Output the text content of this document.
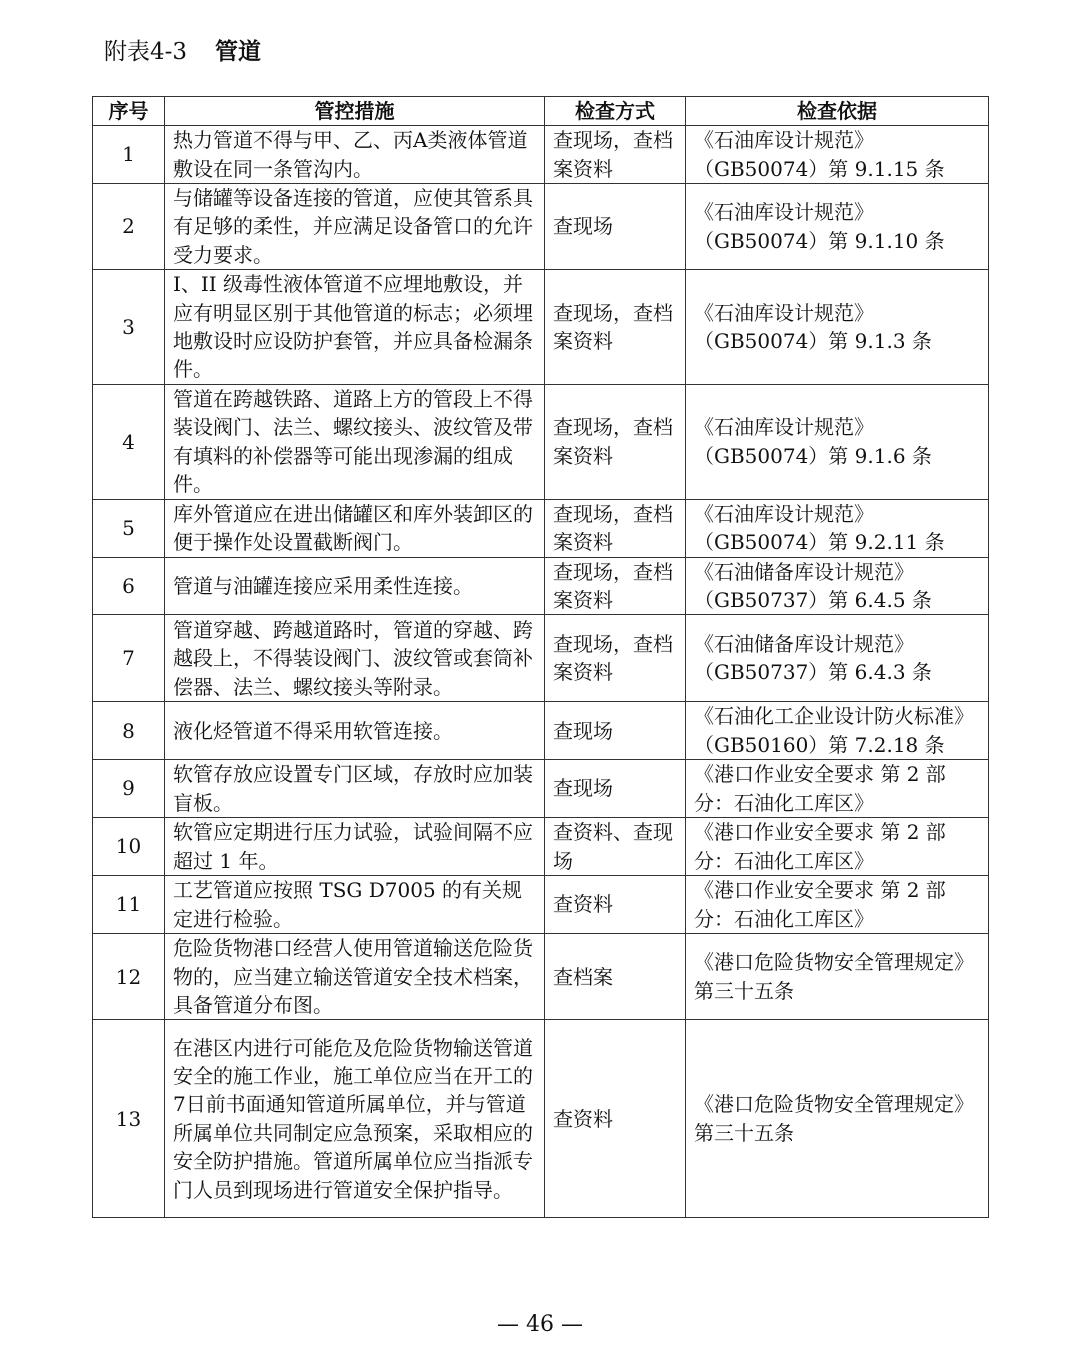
附表4-3 管道
序号	管控措施	检查方式	检查依据
1	热力管道不得与甲、乙、丙A类液体管道敷设在同一条管沟内。	查现场，查档案资料	《石油库设计规范》（GB50074）第 9.1.15 条
2	与储罐等设备连接的管道，应使其管系具有足够的柔性，并应满足设备管口的允许受力要求。	查现场	《石油库设计规范》（GB50074）第 9.1.10 条
3	I、II 级毒性液体管道不应埋地敷设，并应有明显区别于其他管道的标志；必须埋地敷设时应设防护套管，并应具备检漏条件。	查现场，查档案资料	《石油库设计规范》（GB50074）第 9.1.3 条
4	管道在跨越铁路、道路上方的管段上不得装设阀门、法兰、螺纹接头、波纹管及带有填料的补偿器等可能出现渗漏的组成件。	查现场，查档案资料	《石油库设计规范》（GB50074）第 9.1.6 条
5	库外管道应在进出储罐区和库外装卸区的便于操作处设置截断阀门。	查现场，查档案资料	《石油库设计规范》（GB50074）第 9.2.11 条
6	管道与油罐连接应采用柔性连接。	查现场，查档案资料	《石油储备库设计规范》（GB50737）第 6.4.5 条
7	管道穿越、跨越道路时，管道的穿越、跨越段上，不得装设阀门、波纹管或套筒补偿器、法兰、螺纹接头等附录。	查现场，查档案资料	《石油储备库设计规范》（GB50737）第 6.4.3 条
8	液化烃管道不得采用软管连接。	查现场	《石油化工企业设计防火标准》（GB50160）第 7.2.18 条
9	软管存放应设置专门区域，存放时应加装盲板。	查现场	《港口作业安全要求 第 2 部分：石油化工库区》
10	软管应定期进行压力试验，试验间隔不应超过 1 年。	查资料、查现场	《港口作业安全要求 第 2 部分：石油化工库区》
11	工艺管道应按照 TSG D7005 的有关规定进行检验。	查资料	《港口作业安全要求 第 2 部分：石油化工库区》
12	危险货物港口经营人使用管道输送危险货物的，应当建立输送管道安全技术档案，具备管道分布图。	查档案	《港口危险货物安全管理规定》第三十五条
13	在港区内进行可能危及危险货物输送管道安全的施工作业，施工单位应当在开工的7日前书面通知管道所属单位，并与管道所属单位共同制定应急预案，采取相应的安全防护措施。管道所属单位应当指派专门人员到现场进行管道安全保护指导。	查资料	《港口危险货物安全管理规定》第三十五条
— 46 —
